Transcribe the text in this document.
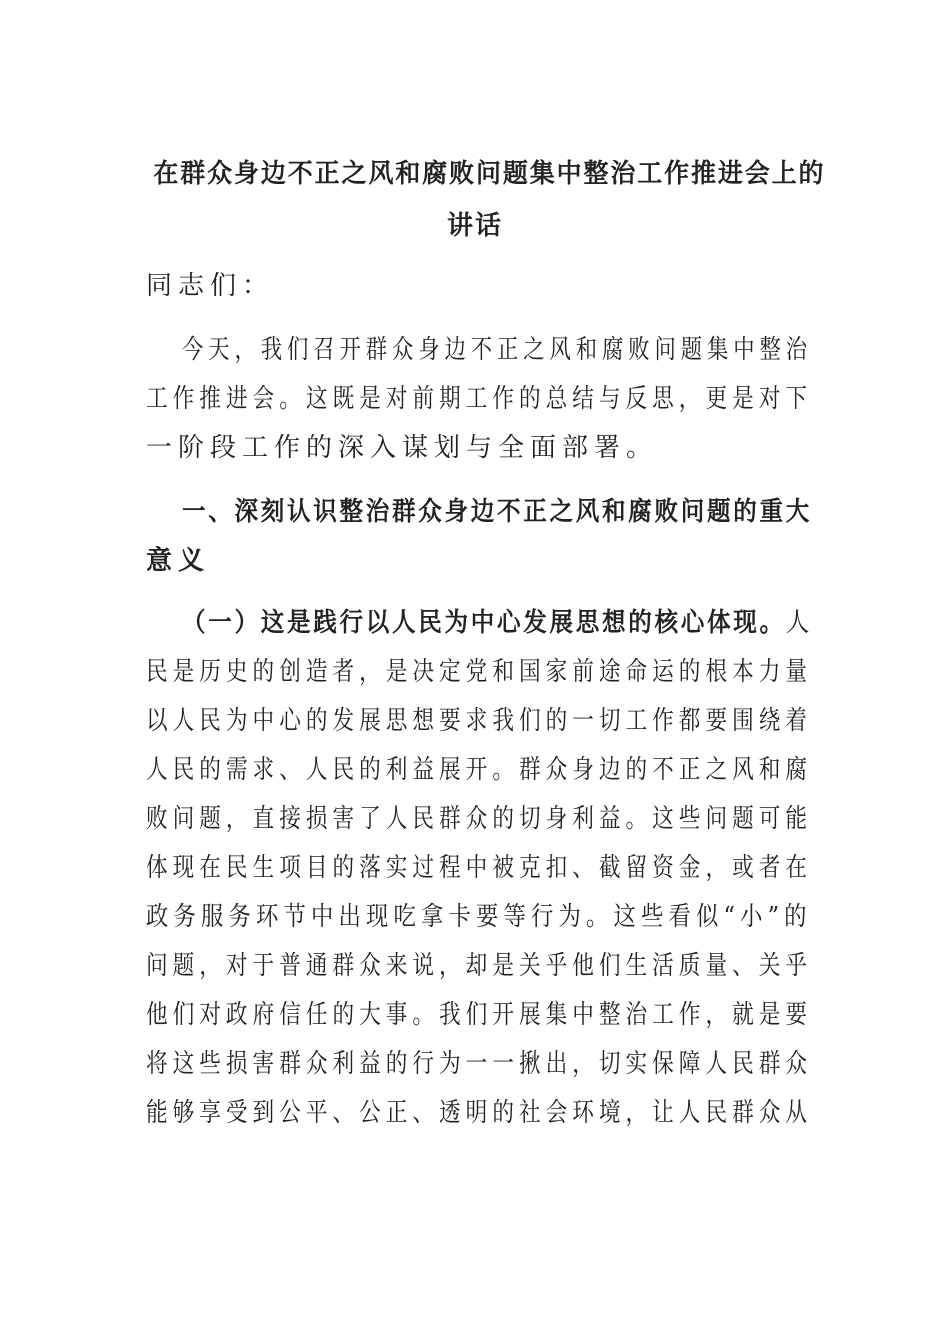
在群众身边不正之风和腐败问题集中整治工作推进会上的
讲话
同志们：
今天，我们召开群众身边不正之风和腐败问题集中整治
工作推进会。这既是对前期工作的总结与反思，更是对下
一阶段工作的深入谋划与全面部署。
一、深刻认识整治群众身边不正之风和腐败问题的重大
意义
（一）这是践行以人民为中心发展思想的核心体现。人
民是历史的创造者，是决定党和国家前途命运的根本力量
以人民为中心的发展思想要求我们的一切工作都要围绕着
人民的需求、人民的利益展开。群众身边的不正之风和腐
败问题，直接损害了人民群众的切身利益。这些问题可能
体现在民生项目的落实过程中被克扣、截留资金，或者在
政务服务环节中出现吃拿卡要等行为。这些看似“小”的
问题，对于普通群众来说，却是关乎他们生活质量、关乎
他们对政府信任的大事。我们开展集中整治工作，就是要
将这些损害群众利益的行为一一揪出，切实保障人民群众
能够享受到公平、公正、透明的社会环境，让人民群众从
